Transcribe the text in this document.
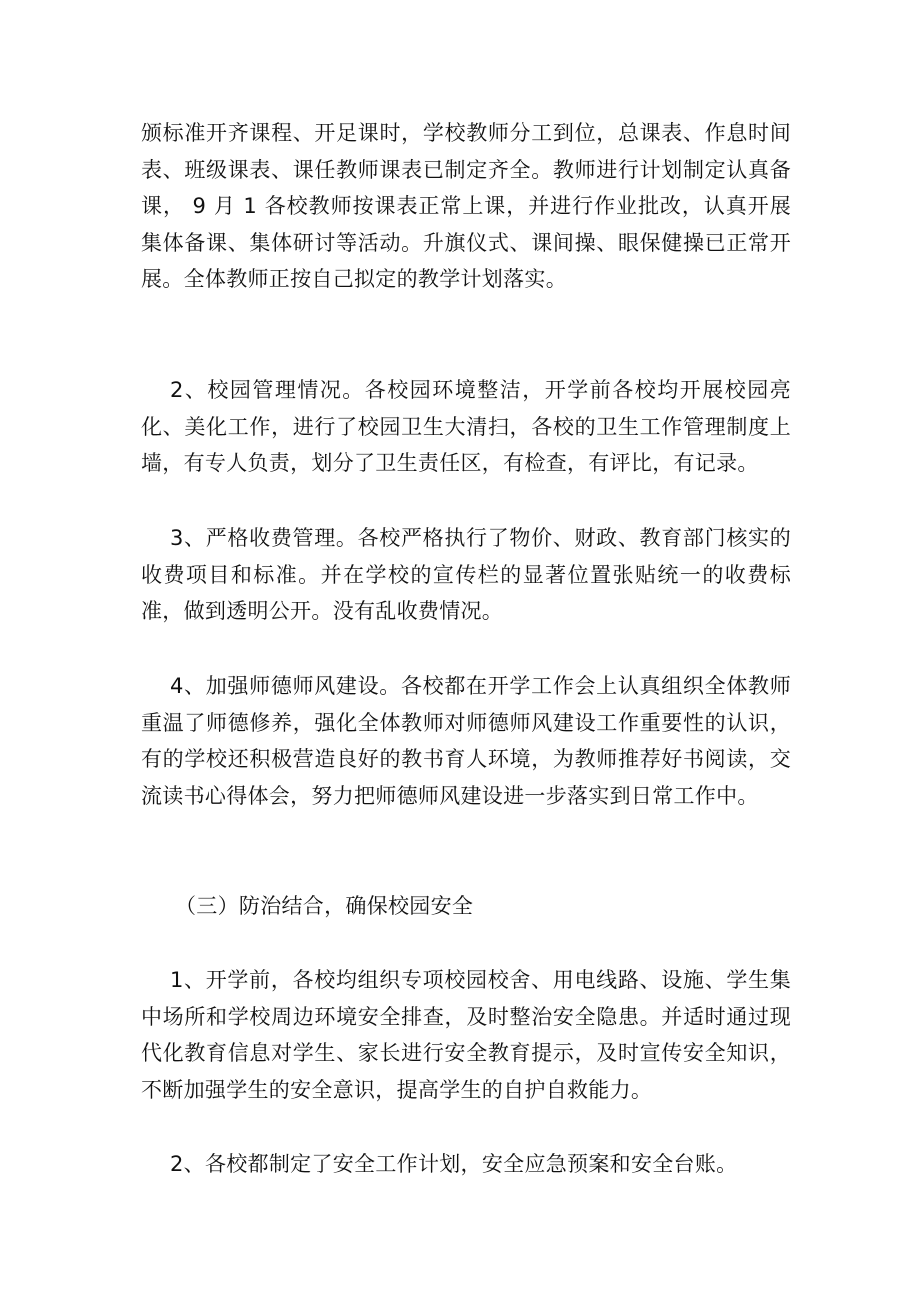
颁标准开齐课程、开足课时，学校教师分工到位，总课表、作息时间表、班级课表、课任教师课表已制定齐全。教师进行计划制定认真备课， 9 月 1 各校教师按课表正常上课，并进行作业批改，认真开展集体备课、集体研讨等活动。升旗仪式、课间操、眼保健操已正常开展。全体教师正按自己拟定的教学计划落实。

2、校园管理情况。各校园环境整洁，开学前各校均开展校园亮化、美化工作，进行了校园卫生大清扫，各校的卫生工作管理制度上墙，有专人负责，划分了卫生责任区，有检查，有评比，有记录。

3、严格收费管理。各校严格执行了物价、财政、教育部门核实的收费项目和标准。并在学校的宣传栏的显著位置张贴统一的收费标准，做到透明公开。没有乱收费情况。

4、加强师德师风建设。各校都在开学工作会上认真组织全体教师重温了师德修养，强化全体教师对师德师风建设工作重要性的认识，有的学校还积极营造良好的教书育人环境，为教师推荐好书阅读，交流读书心得体会，努力把师德师风建设进一步落实到日常工作中。

（三）防治结合，确保校园安全

1、开学前，各校均组织专项校园校舍、用电线路、设施、学生集中场所和学校周边环境安全排查，及时整治安全隐患。并适时通过现代化教育信息对学生、家长进行安全教育提示，及时宣传安全知识，不断加强学生的安全意识，提高学生的自护自救能力。

2、各校都制定了安全工作计划，安全应急预案和安全台账。
